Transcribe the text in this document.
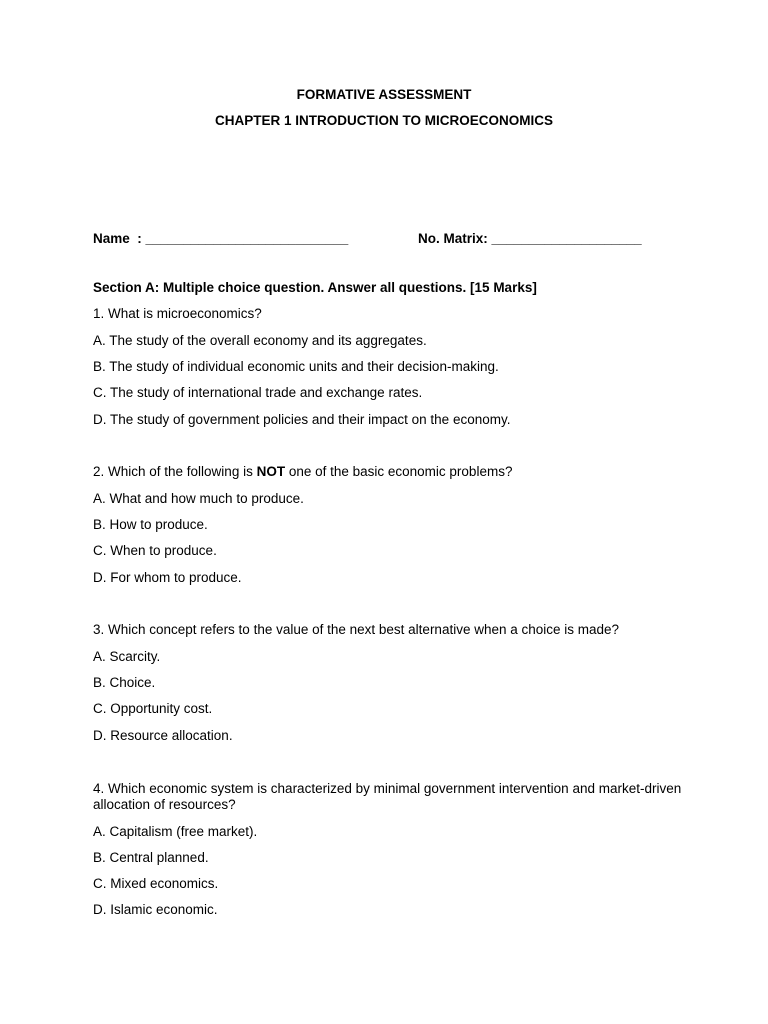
FORMATIVE ASSESSMENT
CHAPTER 1 INTRODUCTION TO MICROECONOMICS
Name  : ___________________________	No. Matrix: ____________________
Section A: Multiple choice question. Answer all questions. [15 Marks]
1. What is microeconomics?
A. The study of the overall economy and its aggregates.
B. The study of individual economic units and their decision-making.
C. The study of international trade and exchange rates.
D. The study of government policies and their impact on the economy.
2. Which of the following is NOT one of the basic economic problems?
A. What and how much to produce.
B. How to produce.
C. When to produce.
D. For whom to produce.
3. Which concept refers to the value of the next best alternative when a choice is made?
A. Scarcity.
B. Choice.
C. Opportunity cost.
D. Resource allocation.
4. Which economic system is characterized by minimal government intervention and market-driven allocation of resources?
A. Capitalism (free market).
B. Central planned.
C. Mixed economics.
D. Islamic economic.
